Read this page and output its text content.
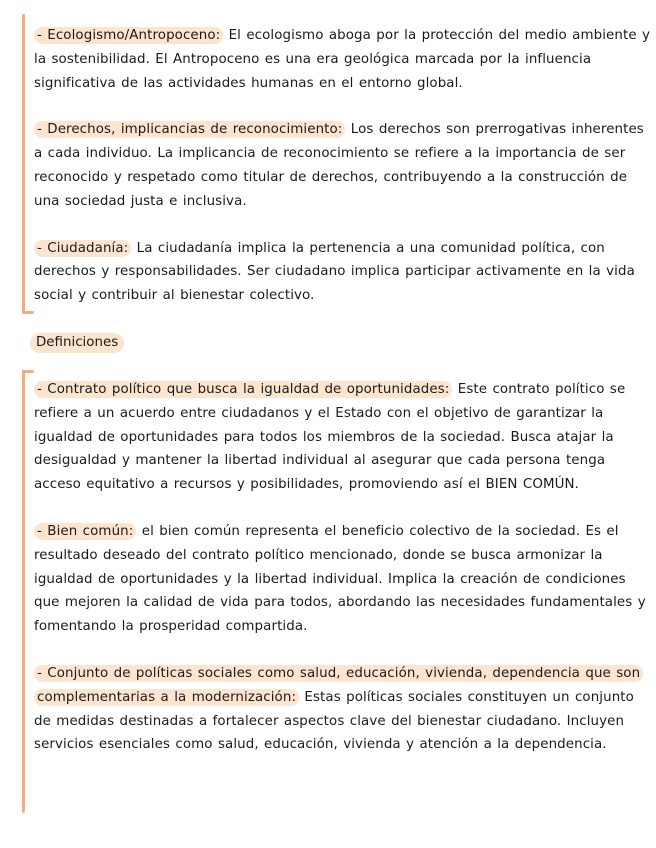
- Ecologismo/Antropoceno: El ecologismo aboga por la protección del medio ambiente y la sostenibilidad. El Antropoceno es una era geológica marcada por la influencia significativa de las actividades humanas en el entorno global.

- Derechos, implicancias de reconocimiento: Los derechos son prerrogativas inherentes a cada individuo. La implicancia de reconocimiento se refiere a la importancia de ser reconocido y respetado como titular de derechos, contribuyendo a la construcción de una sociedad justa e inclusiva.

- Ciudadanía: La ciudadanía implica la pertenencia a una comunidad política, con derechos y responsabilidades. Ser ciudadano implica participar activamente en la vida social y contribuir al bienestar colectivo.

Definiciones

- Contrato político que busca la igualdad de oportunidades: Este contrato político se refiere a un acuerdo entre ciudadanos y el Estado con el objetivo de garantizar la igualdad de oportunidades para todos los miembros de la sociedad. Busca atajar la desigualdad y mantener la libertad individual al asegurar que cada persona tenga acceso equitativo a recursos y posibilidades, promoviendo así el BIEN COMÚN.

- Bien común: el bien común representa el beneficio colectivo de la sociedad. Es el resultado deseado del contrato político mencionado, donde se busca armonizar la igualdad de oportunidades y la libertad individual. Implica la creación de condiciones que mejoren la calidad de vida para todos, abordando las necesidades fundamentales y fomentando la prosperidad compartida.

- Conjunto de políticas sociales como salud, educación, vivienda, dependencia que son complementarias a la modernización: Estas políticas sociales constituyen un conjunto de medidas destinadas a fortalecer aspectos clave del bienestar ciudadano. Incluyen servicios esenciales como salud, educación, vivienda y atención a la dependencia.
